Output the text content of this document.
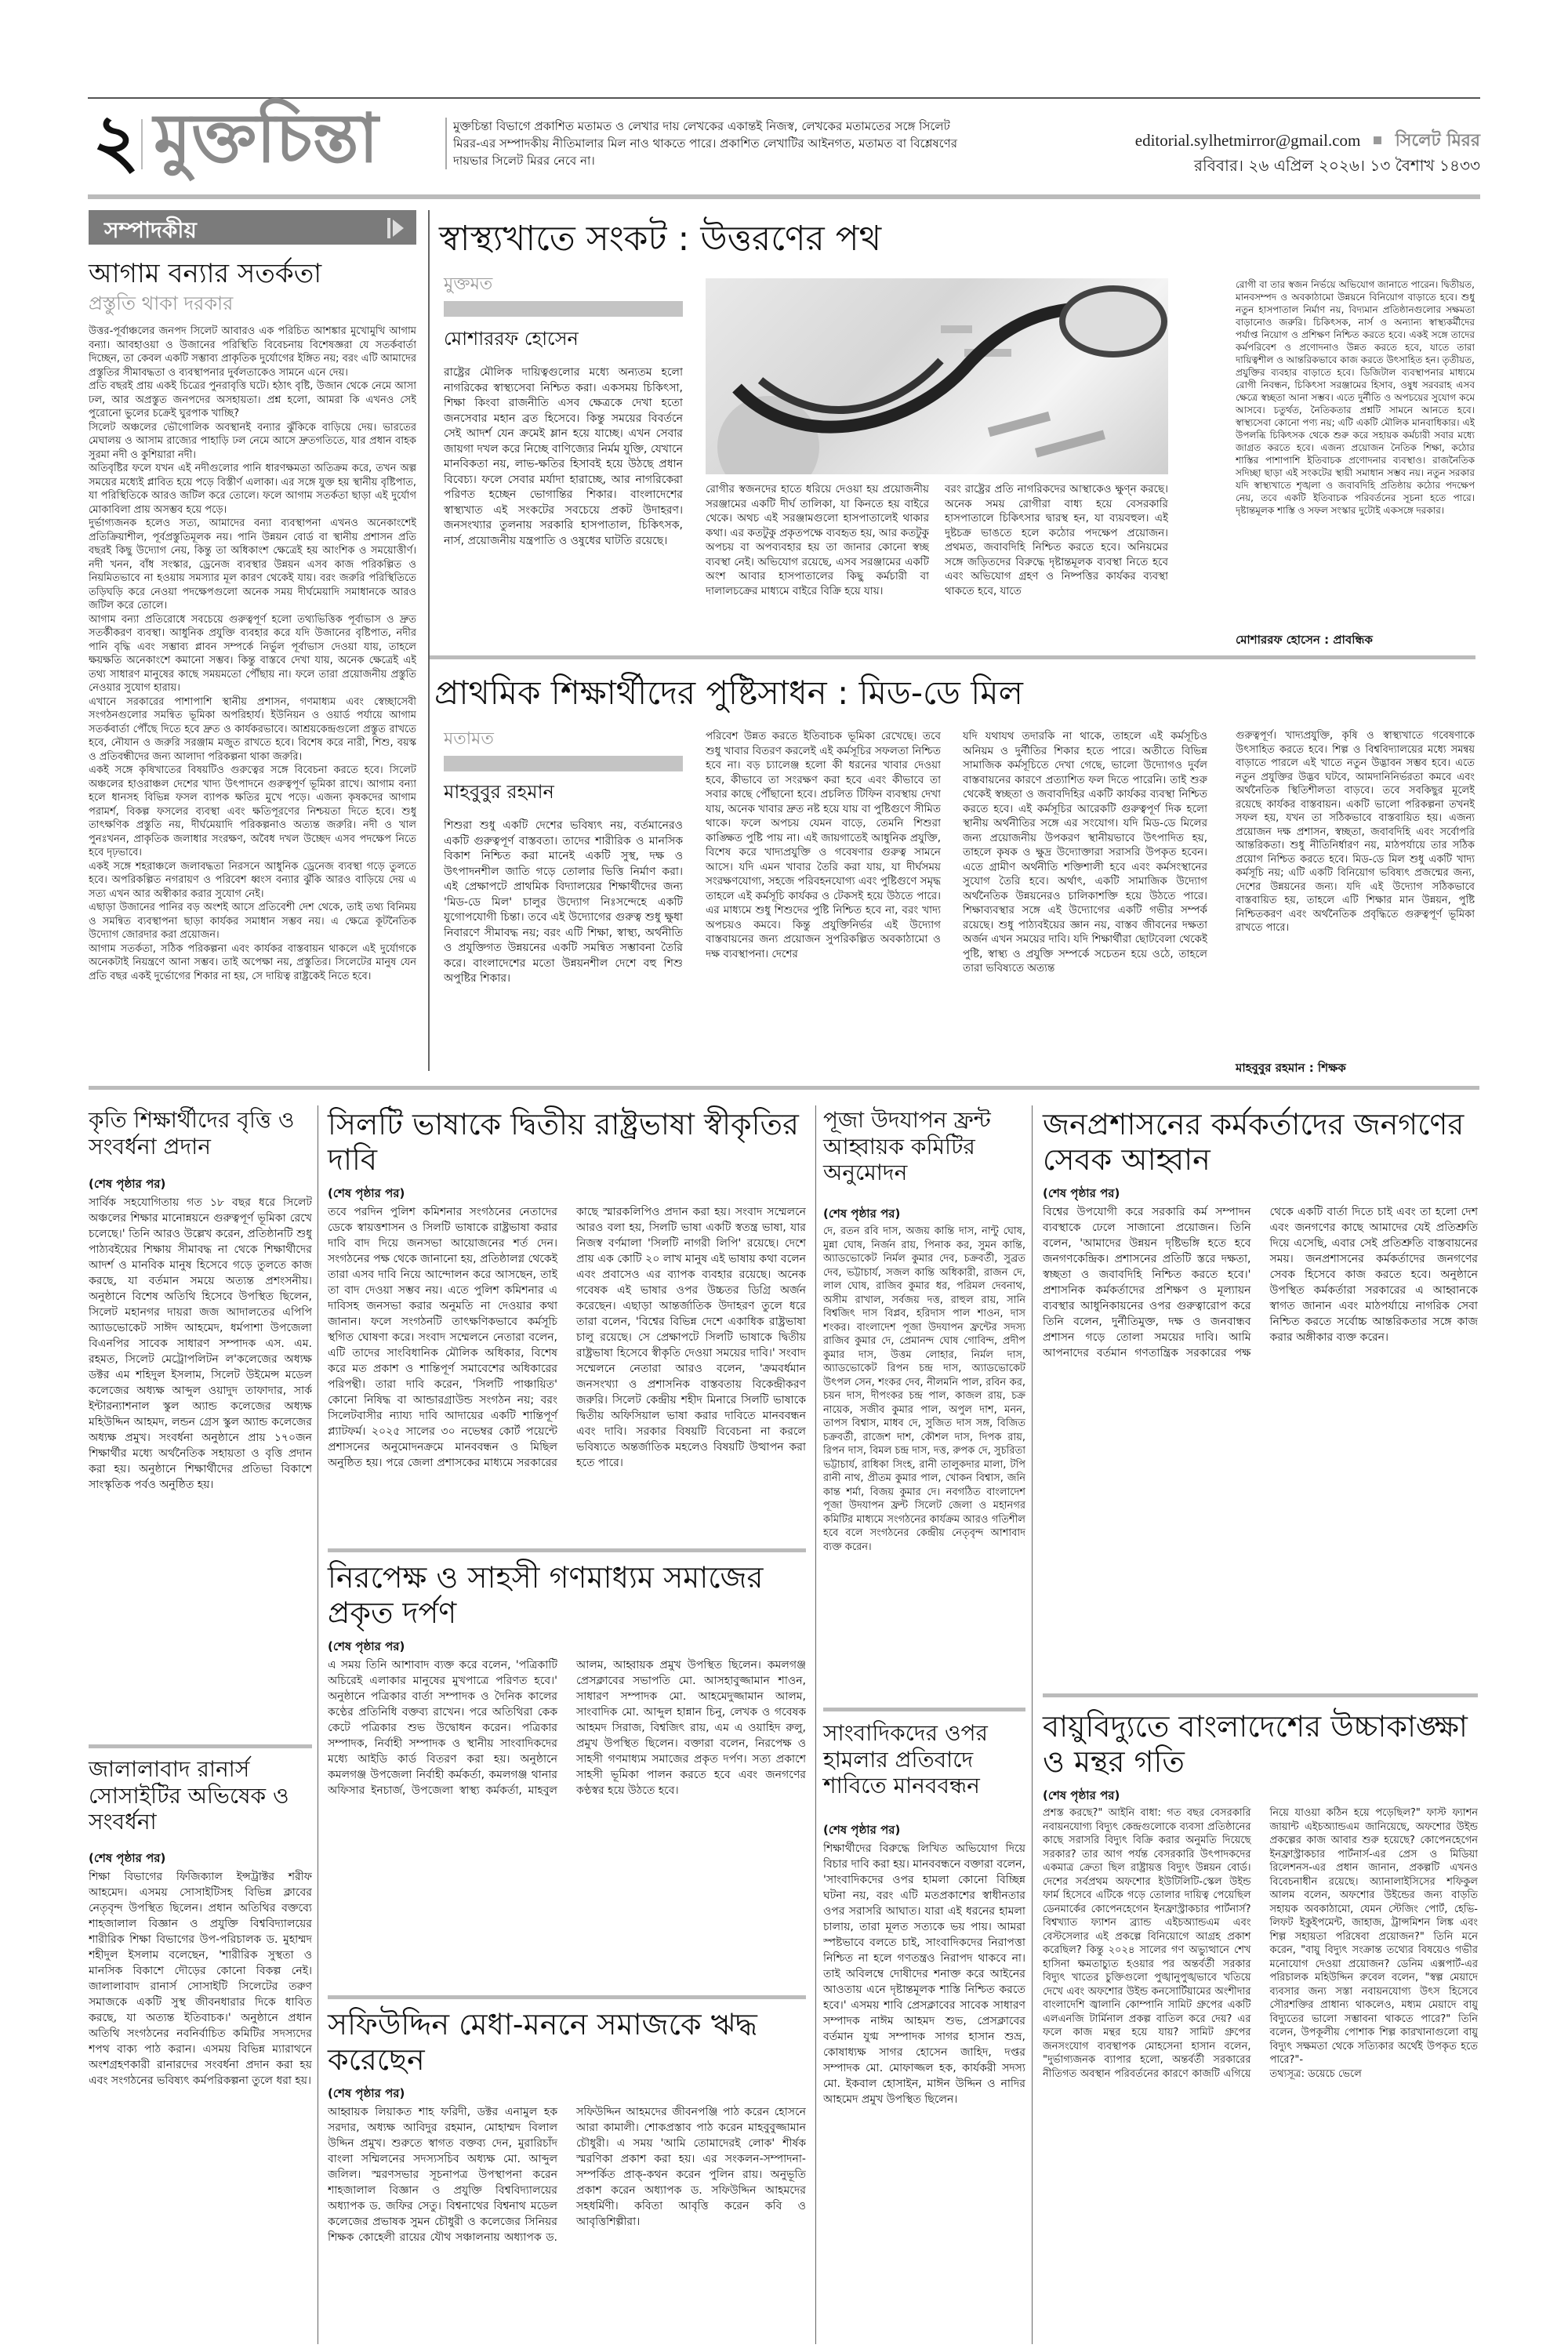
২ মুক্তচিন্তা	মুক্তচিন্তা বিভাগে প্রকাশিত মতামত ও লেখার দায় লেখকের একান্তই নিজস্ব, লেখকের মতামতের সঙ্গে সিলেট মিরর-এর সম্পাদকীয় নীতিমালার মিল নাও থাকতে পারে। প্রকাশিত লেখাটির আইনগত, মতামত বা বিশ্লেষণের দায়ভার সিলেট মিরর নেবে না।
editorial.sylhetmirror@gmail.com সিলেট মিরর
রবিবার। ২৬ এপ্রিল ২০২৬। ১৩ বৈশাখ ১৪৩৩
সম্পাদকীয়
আগাম বন্যার সতর্কতা
প্রস্তুতি থাকা দরকার

উত্তর-পূর্বাঞ্চলের জনপদ সিলেট আবারও এক পরিচিত আশঙ্কার মুখোমুখি আগাম বন্যা। আবহাওয়া ও উজানের পরিস্থিতি বিবেচনায় বিশেষজ্ঞরা যে সতর্কবার্তা দিচ্ছেন, তা কেবল একটি সম্ভাব্য প্রাকৃতিক দুর্যোগের ইঙ্গিত নয়; বরং এটি আমাদের প্রস্তুতির সীমাবদ্ধতা ও ব্যবস্থাপনার দুর্বলতাকেও সামনে এনে দেয়।

প্রতি বছরই প্রায় একই চিত্রের পুনরাবৃত্তি ঘটে। হঠাৎ বৃষ্টি, উজান থেকে নেমে আসা ঢল, আর অপ্রস্তুত জনপদের অসহায়তা। প্রশ্ন হলো, আমরা কি এখনও সেই পুরোনো ভুলের চক্রেই ঘুরপাক খাচ্ছি?

সিলেট অঞ্চলের ভৌগোলিক অবস্থানই বন্যার ঝুঁকিকে বাড়িয়ে দেয়। ভারতের মেঘালয় ও আসাম রাজ্যের পাহাড়ি ঢল নেমে আসে দ্রুতগতিতে, যার প্রধান বাহক সুরমা নদী ও কুশিয়ারা নদী।

অতিবৃষ্টির ফলে যখন এই নদীগুলোর পানি ধারণক্ষমতা অতিক্রম করে, তখন অল্প সময়ের মধ্যেই প্লাবিত হয়ে পড়ে বিস্তীর্ণ এলাকা। এর সঙ্গে যুক্ত হয় স্থানীয় বৃষ্টিপাত, যা পরিস্থিতিকে আরও জটিল করে তোলে। ফলে আগাম সতর্কতা ছাড়া এই দুর্যোগ মোকাবিলা প্রায় অসম্ভব হয়ে পড়ে।

দুর্ভাগ্যজনক হলেও সত্য, আমাদের বন্যা ব্যবস্থাপনা এখনও অনেকাংশেই প্রতিক্রিয়াশীল, পূর্বপ্রস্তুতিমূলক নয়। পানি উন্নয়ন বোর্ড বা স্থানীয় প্রশাসন প্রতি বছরই কিছু উদ্যোগ নেয়, কিন্তু তা অধিকাংশ ক্ষেত্রেই হয় আংশিক ও সময়োত্তীর্ণ। নদী খনন, বাঁধ সংস্কার, ড্রেনেজ ব্যবস্থার উন্নয়ন এসব কাজ পরিকল্পিত ও নিয়মিতভাবে না হওয়ায় সমস্যার মূল কারণ থেকেই যায়। বরং জরুরি পরিস্থিতিতে তড়িঘড়ি করে নেওয়া পদক্ষেপগুলো অনেক সময় দীর্ঘমেয়াদি সমাধানকে আরও জটিল করে তোলে।

আগাম বন্যা প্রতিরোধে সবচেয়ে গুরুত্বপূর্ণ হলো তথ্যভিত্তিক পূর্বাভাস ও দ্রুত সতর্কীকরণ ব্যবস্থা। আধুনিক প্রযুক্তি ব্যবহার করে যদি উজানের বৃষ্টিপাত, নদীর পানি বৃদ্ধি এবং সম্ভাব্য প্লাবন সম্পর্কে নির্ভুল পূর্বাভাস দেওয়া যায়, তাহলে ক্ষয়ক্ষতি অনেকাংশে কমানো সম্ভব। কিন্তু বাস্তবে দেখা যায়, অনেক ক্ষেত্রেই এই তথ্য সাধারণ মানুষের কাছে সময়মতো পৌঁছায় না। ফলে তারা প্রয়োজনীয় প্রস্তুতি নেওয়ার সুযোগ হারায়।

এখানে সরকারের পাশাপাশি স্থানীয় প্রশাসন, গণমাধ্যম এবং স্বেচ্ছাসেবী সংগঠনগুলোর সমন্বিত ভূমিকা অপরিহার্য। ইউনিয়ন ও ওয়ার্ড পর্যায়ে আগাম সতর্কবার্তা পৌঁছে দিতে হবে দ্রুত ও কার্যকরভাবে। আশ্রয়কেন্দ্রগুলো প্রস্তুত রাখতে হবে, নৌযান ও জরুরি সরঞ্জাম মজুত রাখতে হবে। বিশেষ করে নারী, শিশু, বয়স্ক ও প্রতিবন্ধীদের জন্য আলাদা পরিকল্পনা থাকা জরুরি।

একই সঙ্গে কৃষিখাতের বিষয়টিও গুরুত্বের সঙ্গে বিবেচনা করতে হবে। সিলেট অঞ্চলের হাওরাঞ্চল দেশের খাদ্য উৎপাদনে গুরুত্বপূর্ণ ভূমিকা রাখে। আগাম বন্যা হলে ধানসহ বিভিন্ন ফসল ব্যাপক ক্ষতির মুখে পড়ে। এজন্য কৃষকদের আগাম পরামর্শ, বিকল্প ফসলের ব্যবস্থা এবং ক্ষতিপূরণের নিশ্চয়তা দিতে হবে। শুধু তাৎক্ষণিক প্রস্তুতি নয়, দীর্ঘমেয়াদি পরিকল্পনাও অত্যন্ত জরুরি। নদী ও খাল পুনঃখনন, প্রাকৃতিক জলাধার সংরক্ষণ, অবৈধ দখল উচ্ছেদ এসব পদক্ষেপ নিতে হবে দৃঢ়ভাবে।

একই সঙ্গে শহরাঞ্চলে জলাবদ্ধতা নিরসনে আধুনিক ড্রেনেজ ব্যবস্থা গড়ে তুলতে হবে। অপরিকল্পিত নগরায়ণ ও পরিবেশ ধ্বংস বন্যার ঝুঁকি আরও বাড়িয়ে দেয় এ সত্য এখন আর অস্বীকার করার সুযোগ নেই।

এছাড়া উজানের পানির বড় অংশই আসে প্রতিবেশী দেশ থেকে, তাই তথ্য বিনিময় ও সমন্বিত ব্যবস্থাপনা ছাড়া কার্যকর সমাধান সম্ভব নয়। এ ক্ষেত্রে কূটনৈতিক উদ্যোগ জোরদার করা প্রয়োজন।

আগাম সতর্কতা, সঠিক পরিকল্পনা এবং কার্যকর বাস্তবায়ন থাকলে এই দুর্যোগকে অনেকটাই নিয়ন্ত্রণে আনা সম্ভব। তাই অপেক্ষা নয়, প্রস্তুতির। সিলেটের মানুষ যেন প্রতি বছর একই দুর্ভোগের শিকার না হয়, সে দায়িত্ব রাষ্ট্রকেই নিতে হবে।

স্বাস্থ্যখাতে সংকট : উত্তরণের পথ
মুক্তমত
মোশাররফ হোসেন
রাষ্ট্রের মৌলিক দায়িত্বগুলোর মধ্যে অন্যতম হলো নাগরিকের স্বাস্থ্যসেবা নিশ্চিত করা। একসময় চিকিৎসা, শিক্ষা কিংবা রাজনীতি এসব ক্ষেত্রকে দেখা হতো জনসেবার মহান ব্রত হিসেবে। কিন্তু সময়ের বিবর্তনে সেই আদর্শ যেন ক্রমেই ম্লান হয়ে যাচ্ছে। এখন সেবার জায়গা দখল করে নিচ্ছে বাণিজ্যের নির্মম যুক্তি, যেখানে মানবিকতা নয়, লাভ-ক্ষতির হিসাবই হয়ে উঠছে প্রধান বিবেচ্য। ফলে সেবার মর্যাদা হারাচ্ছে, আর নাগরিকেরা পরিণত হচ্ছেন ভোগান্তির শিকার। বাংলাদেশের স্বাস্থ্যখাত এই সংকটের সবচেয়ে প্রকট উদাহরণ। জনসংখ্যার তুলনায় সরকারি হাসপাতাল, চিকিৎসক, নার্স, প্রয়োজনীয় যন্ত্রপাতি ও ওষুধের ঘাটতি রয়েছে।
রোগীর স্বজনদের হাতে ধরিয়ে দেওয়া হয় প্রয়োজনীয় সরঞ্জামের একটি দীর্ঘ তালিকা, যা কিনতে হয় বাইরে থেকে। অথচ এই সরঞ্জামগুলো হাসপাতালেই থাকার কথা। এর কতটুকু প্রকৃতপক্ষে ব্যবহৃত হয়, আর কতটুকু অপচয় বা অপব্যবহার হয় তা জানার কোনো স্বচ্ছ ব্যবস্থা নেই। অভিযোগ রয়েছে, এসব সরঞ্জামের একটি অংশ আবার হাসপাতালের কিছু কর্মচারী বা দালালচক্রের মাধ্যমে বাইরে বিক্রি হয়ে যায়।
বরং রাষ্ট্রের প্রতি নাগরিকদের আস্থাকেও ক্ষুণ্ন করছে। অনেক সময় রোগীরা বাধ্য হয়ে বেসরকারি হাসপাতালে চিকিৎসার দ্বারস্থ হন, যা ব্যয়বহুল। এই দুষ্টচক্র ভাঙতে হলে কঠোর পদক্ষেপ প্রয়োজন। প্রথমত, জবাবদিহি নিশ্চিত করতে হবে। অনিয়মের সঙ্গে জড়িতদের বিরুদ্ধে দৃষ্টান্তমূলক ব্যবস্থা নিতে হবে এবং অভিযোগ গ্রহণ ও নিষ্পত্তির কার্যকর ব্যবস্থা থাকতে হবে, যাতে
রোগী বা তার স্বজন নির্ভয়ে অভিযোগ জানাতে পারেন। দ্বিতীয়ত, মানবসম্পদ ও অবকাঠামো উন্নয়নে বিনিয়োগ বাড়াতে হবে। শুধু নতুন হাসপাতাল নির্মাণ নয়, বিদ্যমান প্রতিষ্ঠানগুলোর সক্ষমতা বাড়ানোও জরুরি। চিকিৎসক, নার্স ও অন্যান্য স্বাস্থ্যকর্মীদের পর্যাপ্ত নিয়োগ ও প্রশিক্ষণ নিশ্চিত করতে হবে। একই সঙ্গে তাদের কর্মপরিবেশ ও প্রণোদনাও উন্নত করতে হবে, যাতে তারা দায়িত্বশীল ও আন্তরিকভাবে কাজ করতে উৎসাহিত হন। তৃতীয়ত, প্রযুক্তির ব্যবহার বাড়াতে হবে। ডিজিটাল ব্যবস্থাপনার মাধ্যমে রোগী নিবন্ধন, চিকিৎসা সরঞ্জামের হিসাব, ওষুধ সরবরাহ এসব ক্ষেত্রে স্বচ্ছতা আনা সম্ভব। এতে দুর্নীতি ও অপচয়ের সুযোগ কমে আসবে। চতুর্থত, নৈতিকতার প্রশ্নটি সামনে আনতে হবে। স্বাস্থ্যসেবা কোনো পণ্য নয়; এটি একটি মৌলিক মানবাধিকার। এই উপলব্ধি চিকিৎসক থেকে শুরু করে সহায়ক কর্মচারী সবার মধ্যে জাগ্রত করতে হবে। এজন্য প্রয়োজন নৈতিক শিক্ষা, কঠোর শাস্তির পাশাপাশি ইতিবাচক প্রণোদনার ব্যবস্থাও। রাজনৈতিক সদিচ্ছা ছাড়া এই সংকটের স্থায়ী সমাধান সম্ভব নয়। নতুন সরকার যদি স্বাস্থ্যখাতে শৃঙ্খলা ও জবাবদিহি প্রতিষ্ঠায় কঠোর পদক্ষেপ নেয়, তবে একটি ইতিবাচক পরিবর্তনের সূচনা হতে পারে। দৃষ্টান্তমূলক শাস্তি ও সফল সংস্কার দুটোই একসঙ্গে দরকার।
মোশাররফ হোসেন : প্রাবন্ধিক
প্রাথমিক শিক্ষার্থীদের পুষ্টিসাধন : মিড-ডে মিল
মতামত
মাহবুবুর রহমান
শিশুরা শুধু একটি দেশের ভবিষ্যৎ নয়, বর্তমানেরও একটি গুরুত্বপূর্ণ বাস্তবতা। তাদের শারীরিক ও মানসিক বিকাশ নিশ্চিত করা মানেই একটি সুস্থ, দক্ষ ও উৎপাদনশীল জাতি গড়ে তোলার ভিত্তি নির্মাণ করা। এই প্রেক্ষাপটে প্রাথমিক বিদ্যালয়ের শিক্ষার্থীদের জন্য 'মিড-ডে মিল' চালুর উদ্যোগ নিঃসন্দেহে একটি যুগোপযোগী চিন্তা। তবে এই উদ্যোগের গুরুত্ব শুধু ক্ষুধা নিবারণে সীমাবদ্ধ নয়; বরং এটি শিক্ষা, স্বাস্থ্য, অর্থনীতি ও প্রযুক্তিগত উন্নয়নের একটি সমন্বিত সম্ভাবনা তৈরি করে। বাংলাদেশের মতো উন্নয়নশীল দেশে বহু শিশু অপুষ্টির শিকার।
পরিবেশ উন্নত করতে ইতিবাচক ভূমিকা রেখেছে। তবে শুধু খাবার বিতরণ করলেই এই কর্মসূচির সফলতা নিশ্চিত হবে না। বড় চ্যালেঞ্জ হলো কী ধরনের খাবার দেওয়া হবে, কীভাবে তা সংরক্ষণ করা হবে এবং কীভাবে তা সবার কাছে পৌঁছানো হবে। প্রচলিত টিফিন ব্যবস্থায় দেখা যায়, অনেক খাবার দ্রুত নষ্ট হয়ে যায় বা পুষ্টিগুণে সীমিত থাকে। ফলে অপচয় যেমন বাড়ে, তেমনি শিশুরা কাঙ্ক্ষিত পুষ্টি পায় না। এই জায়গাতেই আধুনিক প্রযুক্তি, বিশেষ করে খাদ্যপ্রযুক্তি ও গবেষণার গুরুত্ব সামনে আসে। যদি এমন খাবার তৈরি করা যায়, যা দীর্ঘসময় সংরক্ষণযোগ্য, সহজে পরিবহনযোগ্য এবং পুষ্টিগুণে সমৃদ্ধ তাহলে এই কর্মসূচি কার্যকর ও টেকসই হয়ে উঠতে পারে। এর মাধ্যমে শুধু শিশুদের পুষ্টি নিশ্চিত হবে না, বরং খাদ্য অপচয়ও কমবে। কিন্তু প্রযুক্তিনির্ভর এই উদ্যোগ বাস্তবায়নের জন্য প্রয়োজন সুপরিকল্পিত অবকাঠামো ও দক্ষ ব্যবস্থাপনা। দেশের
যদি যথাযথ তদারকি না থাকে, তাহলে এই কর্মসূচিও অনিয়ম ও দুর্নীতির শিকার হতে পারে। অতীতে বিভিন্ন সামাজিক কর্মসূচিতে দেখা গেছে, ভালো উদ্যোগও দুর্বল বাস্তবায়নের কারণে প্রত্যাশিত ফল দিতে পারেনি। তাই শুরু থেকেই স্বচ্ছতা ও জবাবদিহির একটি কার্যকর ব্যবস্থা নিশ্চিত করতে হবে। এই কর্মসূচির আরেকটি গুরুত্বপূর্ণ দিক হলো স্থানীয় অর্থনীতির সঙ্গে এর সংযোগ। যদি মিড-ডে মিলের জন্য প্রয়োজনীয় উপকরণ স্থানীয়ভাবে উৎপাদিত হয়, তাহলে কৃষক ও ক্ষুদ্র উদ্যোক্তারা সরাসরি উপকৃত হবেন। এতে গ্রামীণ অর্থনীতি শক্তিশালী হবে এবং কর্মসংস্থানের সুযোগ তৈরি হবে। অর্থাৎ, একটি সামাজিক উদ্যোগ অর্থনৈতিক উন্নয়নেরও চালিকাশক্তি হয়ে উঠতে পারে। শিক্ষাব্যবস্থার সঙ্গে এই উদ্যোগের একটি গভীর সম্পর্ক রয়েছে। শুধু পাঠ্যবইয়ের জ্ঞান নয়, বাস্তব জীবনের দক্ষতা অর্জন এখন সময়ের দাবি। যদি শিক্ষার্থীরা ছোটবেলা থেকেই পুষ্টি, স্বাস্থ্য ও প্রযুক্তি সম্পর্কে সচেতন হয়ে ওঠে, তাহলে তারা ভবিষ্যতে অত্যন্ত
গুরুত্বপূর্ণ। খাদ্যপ্রযুক্তি, কৃষি ও স্বাস্থ্যখাতে গবেষণাকে উৎসাহিত করতে হবে। শিল্প ও বিশ্ববিদ্যালয়ের মধ্যে সমন্বয় বাড়াতে পারলে এই খাতে নতুন উদ্ভাবন সম্ভব হবে। এতে নতুন প্রযুক্তির উদ্ভব ঘটবে, আমদানিনির্ভরতা কমবে এবং অর্থনৈতিক স্থিতিশীলতা বাড়বে। তবে সবকিছুর মূলেই রয়েছে কার্যকর বাস্তবায়ন। একটি ভালো পরিকল্পনা তখনই সফল হয়, যখন তা সঠিকভাবে বাস্তবায়িত হয়। এজন্য প্রয়োজন দক্ষ প্রশাসন, স্বচ্ছতা, জবাবদিহি এবং সর্বোপরি আন্তরিকতা। শুধু নীতিনির্ধারণ নয়, মাঠপর্যায়ে তার সঠিক প্রয়োগ নিশ্চিত করতে হবে। মিড-ডে মিল শুধু একটি খাদ্য কর্মসূচি নয়; এটি একটি বিনিয়োগ ভবিষ্যৎ প্রজন্মের জন্য, দেশের উন্নয়নের জন্য। যদি এই উদ্যোগ সঠিকভাবে বাস্তবায়িত হয়, তাহলে এটি শিক্ষার মান উন্নয়ন, পুষ্টি নিশ্চিতকরণ এবং অর্থনৈতিক প্রবৃদ্ধিতে গুরুত্বপূর্ণ ভূমিকা রাখতে পারে।
মাহবুবুর রহমান : শিক্ষক
কৃতি শিক্ষার্থীদের বৃত্তি ও সংবর্ধনা প্রদান
(শেষ পৃষ্ঠার পর)
সার্বিক সহযোগিতায় গত ১৮ বছর ধরে সিলেট অঞ্চলের শিক্ষার মানোন্নয়নে গুরুত্বপূর্ণ ভূমিকা রেখে চলেছে।' তিনি আরও উল্লেখ করেন, প্রতিষ্ঠানটি শুধু পাঠ্যবইয়ের শিক্ষায় সীমাবদ্ধ না থেকে শিক্ষার্থীদের আদর্শ ও মানবিক মানুষ হিসেবে গড়ে তুলতে কাজ করছে, যা বর্তমান সময়ে অত্যন্ত প্রশংসনীয়। অনুষ্ঠানে বিশেষ অতিথি হিসেবে উপস্থিত ছিলেন, সিলেট মহানগর দায়রা জজ আদালতের এপিপি অ্যাডভোকেট সাঈদ আহমেদ, ধর্মপাশা উপজেলা বিএনপির সাবেক সাধারণ সম্পাদক এস. এম. রহমত, সিলেট মেট্রোপলিটন ল'কলেজের অধ্যক্ষ ডক্টর এম শহিদুল ইসলাম, সিলেট উইমেন্স মডেল কলেজের অধ্যক্ষ আব্দুল ওয়াদুদ তাফাদার, সার্ক ইন্টারন্যাশনাল স্কুল অ্যান্ড কলেজের অধ্যক্ষ মহিউদ্দিন আহমদ, লন্ডন গ্রেস স্কুল অ্যান্ড কলেজের অধ্যক্ষ প্রমুখ। সংবর্ধনা অনুষ্ঠানে প্রায় ১৭০জন শিক্ষার্থীর মধ্যে অর্থনৈতিক সহায়তা ও বৃত্তি প্রদান করা হয়। অনুষ্ঠানে শিক্ষার্থীদের প্রতিভা বিকাশে সাংস্কৃতিক পর্বও অনুষ্ঠিত হয়।
জালালাবাদ রানার্স সোসাইটির অভিষেক ও সংবর্ধনা
(শেষ পৃষ্ঠার পর)
শিক্ষা বিভাগের ফিজিক্যাল ইন্সট্রাক্টর শরীফ আহমেদ। এসময় সোসাইটিসহ বিভিন্ন ক্লাবের নেতৃবৃন্দ উপস্থিত ছিলেন। প্রধান অতিথির বক্তব্যে শাহজালাল বিজ্ঞান ও প্রযুক্তি বিশ্ববিদ্যালয়ের শারীরিক শিক্ষা বিভাগের উপ-পরিচালক ড. মুহাম্মদ শহীদুল ইসলাম বলেছেন, 'শারীরিক সুস্থতা ও মানসিক বিকাশে দৌড়ের কোনো বিকল্প নেই। জালালাবাদ রানার্স সোসাইটি সিলেটের তরুণ সমাজকে একটি সুস্থ জীবনধারার দিকে ধাবিত করছে, যা অত্যন্ত ইতিবাচক।' অনুষ্ঠানে প্রধান অতিথি সংগঠনের নবনির্বাচিত কমিটির সদস্যদের শপথ বাক্য পাঠ করান। এসময় বিভিন্ন ম্যারাথনে অংশগ্রহণকারী রানারদের সংবর্ধনা প্রদান করা হয় এবং সংগঠনের ভবিষ্যৎ কর্মপরিকল্পনা তুলে ধরা হয়।
সিলটি ভাষাকে দ্বিতীয় রাষ্ট্রভাষা স্বীকৃতির দাবি
(শেষ পৃষ্ঠার পর)
তবে পরদিন পুলিশ কমিশনার সংগঠনের নেতাদের ডেকে স্বায়ত্তশাসন ও সিলটি ভাষাকে রাষ্ট্রভাষা করার দাবি বাদ দিয়ে জনসভা আয়োজনের শর্ত দেন। সংগঠনের পক্ষ থেকে জানানো হয়, প্রতিষ্ঠালগ্ন থেকেই তারা এসব দাবি নিয়ে আন্দোলন করে আসছেন, তাই তা বাদ দেওয়া সম্ভব নয়। এতে পুলিশ কমিশনার এ দাবিসহ জনসভা করার অনুমতি না দেওয়ার কথা জানান। ফলে সংগঠনটি তাৎক্ষণিকভাবে কর্মসূচি স্থগিত ঘোষণা করে। সংবাদ সম্মেলনে নেতারা বলেন, এটি তাদের সাংবিধানিক মৌলিক অধিকার, বিশেষ করে মত প্রকাশ ও শান্তিপূর্ণ সমাবেশের অধিকারের পরিপন্থী। তারা দাবি করেন, 'সিলটি পাঞ্চায়িত' কোনো নিষিদ্ধ বা আন্ডারগ্রাউন্ড সংগঠন নয়; বরং সিলেটবাসীর ন্যায্য দাবি আদায়ের একটি শান্তিপূর্ণ প্ল্যাটফর্ম। ২০২৫ সালের ৩০ নভেম্বর কোর্ট পয়েন্টে প্রশাসনের অনুমোদনক্রমে মানববন্ধন ও মিছিল অনুষ্ঠিত হয়। পরে জেলা প্রশাসকের মাধ্যমে সরকারের কাছে স্মারকলিপিও প্রদান করা হয়। সংবাদ সম্মেলনে আরও বলা হয়, সিলটি ভাষা একটি স্বতন্ত্র ভাষা, যার নিজস্ব বর্ণমালা 'সিলটি নাগরী লিপি' রয়েছে। দেশে প্রায় এক কোটি ২০ লাখ মানুষ এই ভাষায় কথা বলেন এবং প্রবাসেও এর ব্যাপক ব্যবহার রয়েছে। অনেক গবেষক এই ভাষার ওপর উচ্চতর ডিগ্রি অর্জন করেছেন। এছাড়া আন্তর্জাতিক উদাহরণ তুলে ধরে তারা বলেন, 'বিশ্বের বিভিন্ন দেশে একাধিক রাষ্ট্রভাষা চালু রয়েছে। সে প্রেক্ষাপটে সিলটি ভাষাকে দ্বিতীয় রাষ্ট্রভাষা হিসেবে স্বীকৃতি দেওয়া সময়ের দাবি।' সংবাদ সম্মেলনে নেতারা আরও বলেন, 'ক্রমবর্ধমান জনসংখ্যা ও প্রশাসনিক বাস্তবতায় বিকেন্দ্রীকরণ জরুরি। সিলেট কেন্দ্রীয় শহীদ মিনারে সিলটি ভাষাকে দ্বিতীয় অফিসিয়াল ভাষা করার দাবিতে মানববন্ধন এবং দাবি। সরকার বিষয়টি বিবেচনা না করলে ভবিষ্যতে অন্তর্জাতিক মহলেও বিষয়টি উত্থাপন করা হতে পারে।
নিরপেক্ষ ও সাহসী গণমাধ্যম সমাজের প্রকৃত দর্পণ
(শেষ পৃষ্ঠার পর)
এ সময় তিনি আশাবাদ ব্যক্ত করে বলেন, 'পত্রিকাটি অচিরেই এলাকার মানুষের মুখপাত্রে পরিণত হবে।' অনুষ্ঠানে পত্রিকার বার্তা সম্পাদক ও দৈনিক কালের কণ্ঠের প্রতিনিধি বক্তব্য রাখেন। পরে অতিথিরা কেক কেটে পত্রিকার শুভ উদ্বোধন করেন। পত্রিকার সম্পাদক, নির্বাহী সম্পাদক ও স্থানীয় সাংবাদিকদের মধ্যে আইডি কার্ড বিতরণ করা হয়। অনুষ্ঠানে কমলগঞ্জ উপজেলা নির্বাহী কর্মকর্তা, কমলগঞ্জ থানার অফিসার ইনচার্জ, উপজেলা স্বাস্থ্য কর্মকর্তা, মাহবুল আলম, আহ্বায়ক প্রমুখ উপস্থিত ছিলেন। কমলগঞ্জ প্রেসক্লাবের সভাপতি মো. আসহাবুজ্জামান শাওন, সাধারণ সম্পাদক মো. আহমেদুজ্জামান আলম, সাংবাদিক মো. আব্দুল হান্নান চিনু, লেখক ও গবেষক আহমদ সিরাজ, বিশ্বজিৎ রায়, এম এ ওয়াহিদ রুলু, প্রমুখ উপস্থিত ছিলেন। বক্তারা বলেন, নিরপেক্ষ ও সাহসী গণমাধ্যম সমাজের প্রকৃত দর্পণ। সত্য প্রকাশে সাহসী ভূমিকা পালন করতে হবে এবং জনগণের কণ্ঠস্বর হয়ে উঠতে হবে।
সফিউদ্দিন মেধা-মননে সমাজকে ঋদ্ধ করেছেন
(শেষ পৃষ্ঠার পর)
আহ্বায়ক লিয়াকত শাহ ফরিদী, ডক্টর এনামুল হক সরদার, অধ্যক্ষ আবিদুর রহমান, মোহাম্মদ বিলাল উদ্দিন প্রমুখ। শুরুতে স্বাগত বক্তব্য দেন, মুরারিচাঁদ বাংলা সম্মিলনের সদস্যসচিব অধ্যক্ষ মো. আব্দুল জলিল। স্মরণসভার সূচনাপত্র উপস্থাপনা করেন শাহজালাল বিজ্ঞান ও প্রযুক্তি বিশ্ববিদ্যালয়ের অধ্যাপক ড. জফির সেতু। বিশ্বনাথের বিশ্বনাথ মডেল কলেজের প্রভাষক সুমন চৌধুরী ও কলেজের সিনিয়র শিক্ষক কোহেলী রায়ের যৌথ সঞ্চালনায় অধ্যাপক ড. সফিউদ্দিন আহমদের জীবনপঞ্জি পাঠ করেন হোসনে আরা কামালী। শোকপ্রস্তাব পাঠ করেন মাহবুবুজ্জামান চৌধুরী। এ সময় 'আমি তোমাদেরই লোক' শীর্ষক স্মরণিকা প্রকাশ করা হয়। এর সংকলন-সম্পাদনা-সম্পর্কিত প্রাক্-কথন করেন পুলিন রায়। অনুভূতি প্রকাশ করেন অধ্যাপক ড. সফিউদ্দিন আহমদের সহধর্মিণী। কবিতা আবৃত্তি করেন কবি ও আবৃত্তিশিল্পীরা।
পূজা উদযাপন ফ্রন্ট আহ্বায়ক কমিটির অনুমোদন
(শেষ পৃষ্ঠার পর)
দে, রতন রবি দাস, অজয় কান্তি দাস, নান্টু ঘোষ, মুন্না ঘোষ, নির্জন রায়, পিনাক কর, সুমন কান্তি, অ্যাডভোকেট নির্মল কুমার দেব, চক্রবর্তী, সুব্রত দেব, ভট্টাচার্য, সজল কান্তি অধিকারী, রাজন দে, লাল ঘোষ, রাজিব কুমার ধর, পরিমল দেবনাথ, অসীম রাখাল, সর্বজয় দত্ত, রাহুল রায়, সানি বিশ্বজিৎ দাস বিপ্লব, হরিদাস পাল শাওন, দাস শংকর। বাংলাদেশ পূজা উদযাপন ফ্রন্টের সদস্য রাজিব কুমার দে, প্রেমানন্দ ঘোষ গোবিন্দ, প্রদীপ কুমার দাস, উত্তম লোহার, নির্মল দাস, অ্যাডভোকেট রিপন চন্দ্র দাস, অ্যাডভোকেট উৎপল সেন, শংকর দেব, নীলমনি পাল, রবিন কর, চয়ন দাস, দীপংকর চন্দ্র পাল, কাজল রায়, চক্র নায়েক, সজীব কুমার পাল, অপুল দাশ, মনন, তাপস বিশ্বাস, মাধব দে, সুজিত দাস সঙ্গ, বিজিত চক্রবর্তী, রাজেশ দাশ, কৌশল দাস, দিপক রায়, রিপন দাস, বিমল চন্দ্র দাস, দত্ত, রুপক দে, সুচরিতা ভট্টাচার্য, রাধিকা সিংহ, রানী তালুকদার মালা, টপি রানী নাথ, প্রীতম কুমার পাল, খোকন বিশ্বাস, জনি কান্ত শর্মা, বিজয় কুমার দে। নবগঠিত বাংলাদেশ পূজা উদযাপন ফ্রন্ট সিলেট জেলা ও মহানগর কমিটির মাধ্যমে সংগঠনের কার্যক্রম আরও গতিশীল হবে বলে সংগঠনের কেন্দ্রীয় নেতৃবৃন্দ আশাবাদ ব্যক্ত করেন।
সাংবাদিকদের ওপর হামলার প্রতিবাদে শাবিতে মানববন্ধন
(শেষ পৃষ্ঠার পর)
শিক্ষার্থীদের বিরুদ্ধে লিখিত অভিযোগ দিয়ে বিচার দাবি করা হয়। মানববন্ধনে বক্তারা বলেন, 'সাংবাদিকদের ওপর হামলা কোনো বিচ্ছিন্ন ঘটনা নয়, বরং এটি মতপ্রকাশের স্বাধীনতার ওপর সরাসরি আঘাত। যারা এই ধরনের হামলা চালায়, তারা মূলত সত্যকে ভয় পায়। আমরা স্পষ্টভাবে বলতে চাই, সাংবাদিকদের নিরাপত্তা নিশ্চিত না হলে গণতন্ত্রও নিরাপদ থাকবে না। তাই অবিলম্বে দোষীদের শনাক্ত করে আইনের আওতায় এনে দৃষ্টান্তমূলক শাস্তি নিশ্চিত করতে হবে।' এসময় শাবি প্রেসক্লাবের সাবেক সাধারণ সম্পাদক নাঈম আহমদ শুভ, প্রেসক্লাবের বর্তমান যুগ্ম সম্পাদক সাগর হাসান শুভ্র, কোষাধ্যক্ষ সাগর হোসেন জাহিদ, দপ্তর সম্পাদক মো. মোফাজ্জল হক, কার্যকরী সদস্য মো. ইকবাল হোসাইন, মাঈন উদ্দিন ও নাদির আহমেদ প্রমুখ উপস্থিত ছিলেন।
জনপ্রশাসনের কর্মকর্তাদের জনগণের সেবক আহ্বান
(শেষ পৃষ্ঠার পর)
বিশ্বের উপযোগী করে সরকারি কর্ম সম্পাদন ব্যবস্থাকে ঢেলে সাজানো প্রয়োজন। তিনি বলেন, 'আমাদের উন্নয়ন দৃষ্টিভঙ্গি হতে হবে জনগণকেন্দ্রিক। প্রশাসনের প্রতিটি স্তরে দক্ষতা, স্বচ্ছতা ও জবাবদিহি নিশ্চিত করতে হবে।' প্রশাসনিক কর্মকর্তাদের প্রশিক্ষণ ও মূল্যায়ন ব্যবস্থার আধুনিকায়নের ওপর গুরুত্বারোপ করে তিনি বলেন, দুর্নীতিমুক্ত, দক্ষ ও জনবান্ধব প্রশাসন গড়ে তোলা সময়ের দাবি। আমি আপনাদের বর্তমান গণতান্ত্রিক সরকারের পক্ষ থেকে একটি বার্তা দিতে চাই এবং তা হলো দেশ এবং জনগণের কাছে আমাদের যেই প্রতিশ্রুতি দিয়ে এসেছি, এবার সেই প্রতিশ্রুতি বাস্তবায়নের সময়। জনপ্রশাসনের কর্মকর্তাদের জনগণের সেবক হিসেবে কাজ করতে হবে। অনুষ্ঠানে উপস্থিত কর্মকর্তারা সরকারের এ আহ্বানকে স্বাগত জানান এবং মাঠপর্যায়ে নাগরিক সেবা নিশ্চিত করতে সর্বোচ্চ আন্তরিকতার সঙ্গে কাজ করার অঙ্গীকার ব্যক্ত করেন।
বায়ুবিদ্যুতে বাংলাদেশের উচ্চাকাঙ্ক্ষা ও মন্থর গতি
(শেষ পৃষ্ঠার পর)
প্রশস্ত করছে?" আইনি বাধা: গত বছর বেসরকারি নবায়নযোগ্য বিদ্যুৎ কেন্দ্রগুলোকে ব্যবসা প্রতিষ্ঠানের কাছে সরাসরি বিদ্যুৎ বিক্রি করার অনুমতি দিয়েছে সরকার? তার আগ পর্যন্ত বেসরকারি উৎপাদকদের একমাত্র ক্রেতা ছিল রাষ্ট্রায়ত্ত বিদ্যুৎ উন্নয়ন বোর্ড। দেশের সর্বপ্রথম অফশোর ইউটিলিটি-স্কেল উইন্ড ফার্ম হিসেবে এটিকে গড়ে তোলার দায়িত্ব পেয়েছিল ডেনমার্কের কোপেনহেগেন ইনফ্রাস্ট্রাকচার পার্টনার্স? বিশ্বখ্যাত ফ্যাশন ব্র্যান্ড এইচঅ্যান্ডএম এবং বেস্টসেলার এই প্রকল্পে বিনিয়োগে আগ্রহ প্রকাশ করেছিল? কিন্তু ২০২৪ সালের গণ অভ্যুত্থানে শেখ হাসিনা ক্ষমতাচ্যুত হওয়ার পর অন্তর্বর্তী সরকার বিদ্যুৎ খাতের চুক্তিগুলো পুঙ্খানুপুঙ্খভাবে খতিয়ে দেখে এবং অফশোর উইন্ড কনসোর্টিয়ামের অংশীদার বাংলাদেশি জ্বালানি কোম্পানি সামিট গ্রুপের একটি এলএনজি টার্মিনাল প্রকল্প বাতিল করে দেয়? এর ফলে কাজ মন্থর হয়ে যায়? সামিট গ্রুপের জনসংযোগ ব্যবস্থাপক মোহসেনা হাসান বলেন, "দুর্ভাগ্যজনক ব্যাপার হলো, অন্তর্বর্তী সরকারের নীতিগত অবস্থান পরিবর্তনের কারণে কাজটি এগিয়ে নিয়ে যাওয়া কঠিন হয়ে পড়েছিল?" ফাস্ট ফ্যাশন জায়ান্ট এইচঅ্যান্ডএম জানিয়েছে, অফশোর উইন্ড প্রকল্পের কাজ আবার শুরু হয়েছে? কোপেনহেগেন ইনফ্রাস্ট্রাকচার পার্টনার্স-এর প্রেস ও মিডিয়া রিলেশনস-এর প্রধান জানান, প্রকল্পটি এখনও বিবেচনাধীন রয়েছে। অ্যানালাইসিসের শফিকুল আলম বলেন, অফশোর উইন্ডের জন্য বাড়তি সহায়ক অবকাঠামো, যেমন স্টেজিং পোর্ট, হেভি-লিফট ইকুইপমেন্ট, জাহাজ, ট্রান্সমিশন লিঙ্ক এবং শিল্প সহায়তা পরিষেবা প্রয়োজন?" তিনি মনে করেন, "বায়ু বিদ্যুৎ সংক্রান্ত তথ্যের বিষয়েও গভীর মনোযোগ দেওয়া প্রয়োজন? ডেনিম এক্সপার্ট-এর পরিচালক মহিউদ্দিন রুবেল বলেন, "স্বল্প মেয়াদে ব্যবসার জন্য সস্তা নবায়নযোগ্য উৎস হিসেবে সৌরশক্তির প্রাধান্য থাকলেও, মধ্যম মেয়াদে বায়ু বিদ্যুতের ভালো সম্ভাবনা থাকতে পারে?" তিনি বলেন, উপকূলীয় পোশাক শিল্প কারখানাগুলো বায়ু বিদ্যুৎ সক্ষমতা থেকে সত্যিকার অর্থেই উপকৃত হতে পারে?"-
তথ্যসূত্র: ডয়েচে ভেলে
